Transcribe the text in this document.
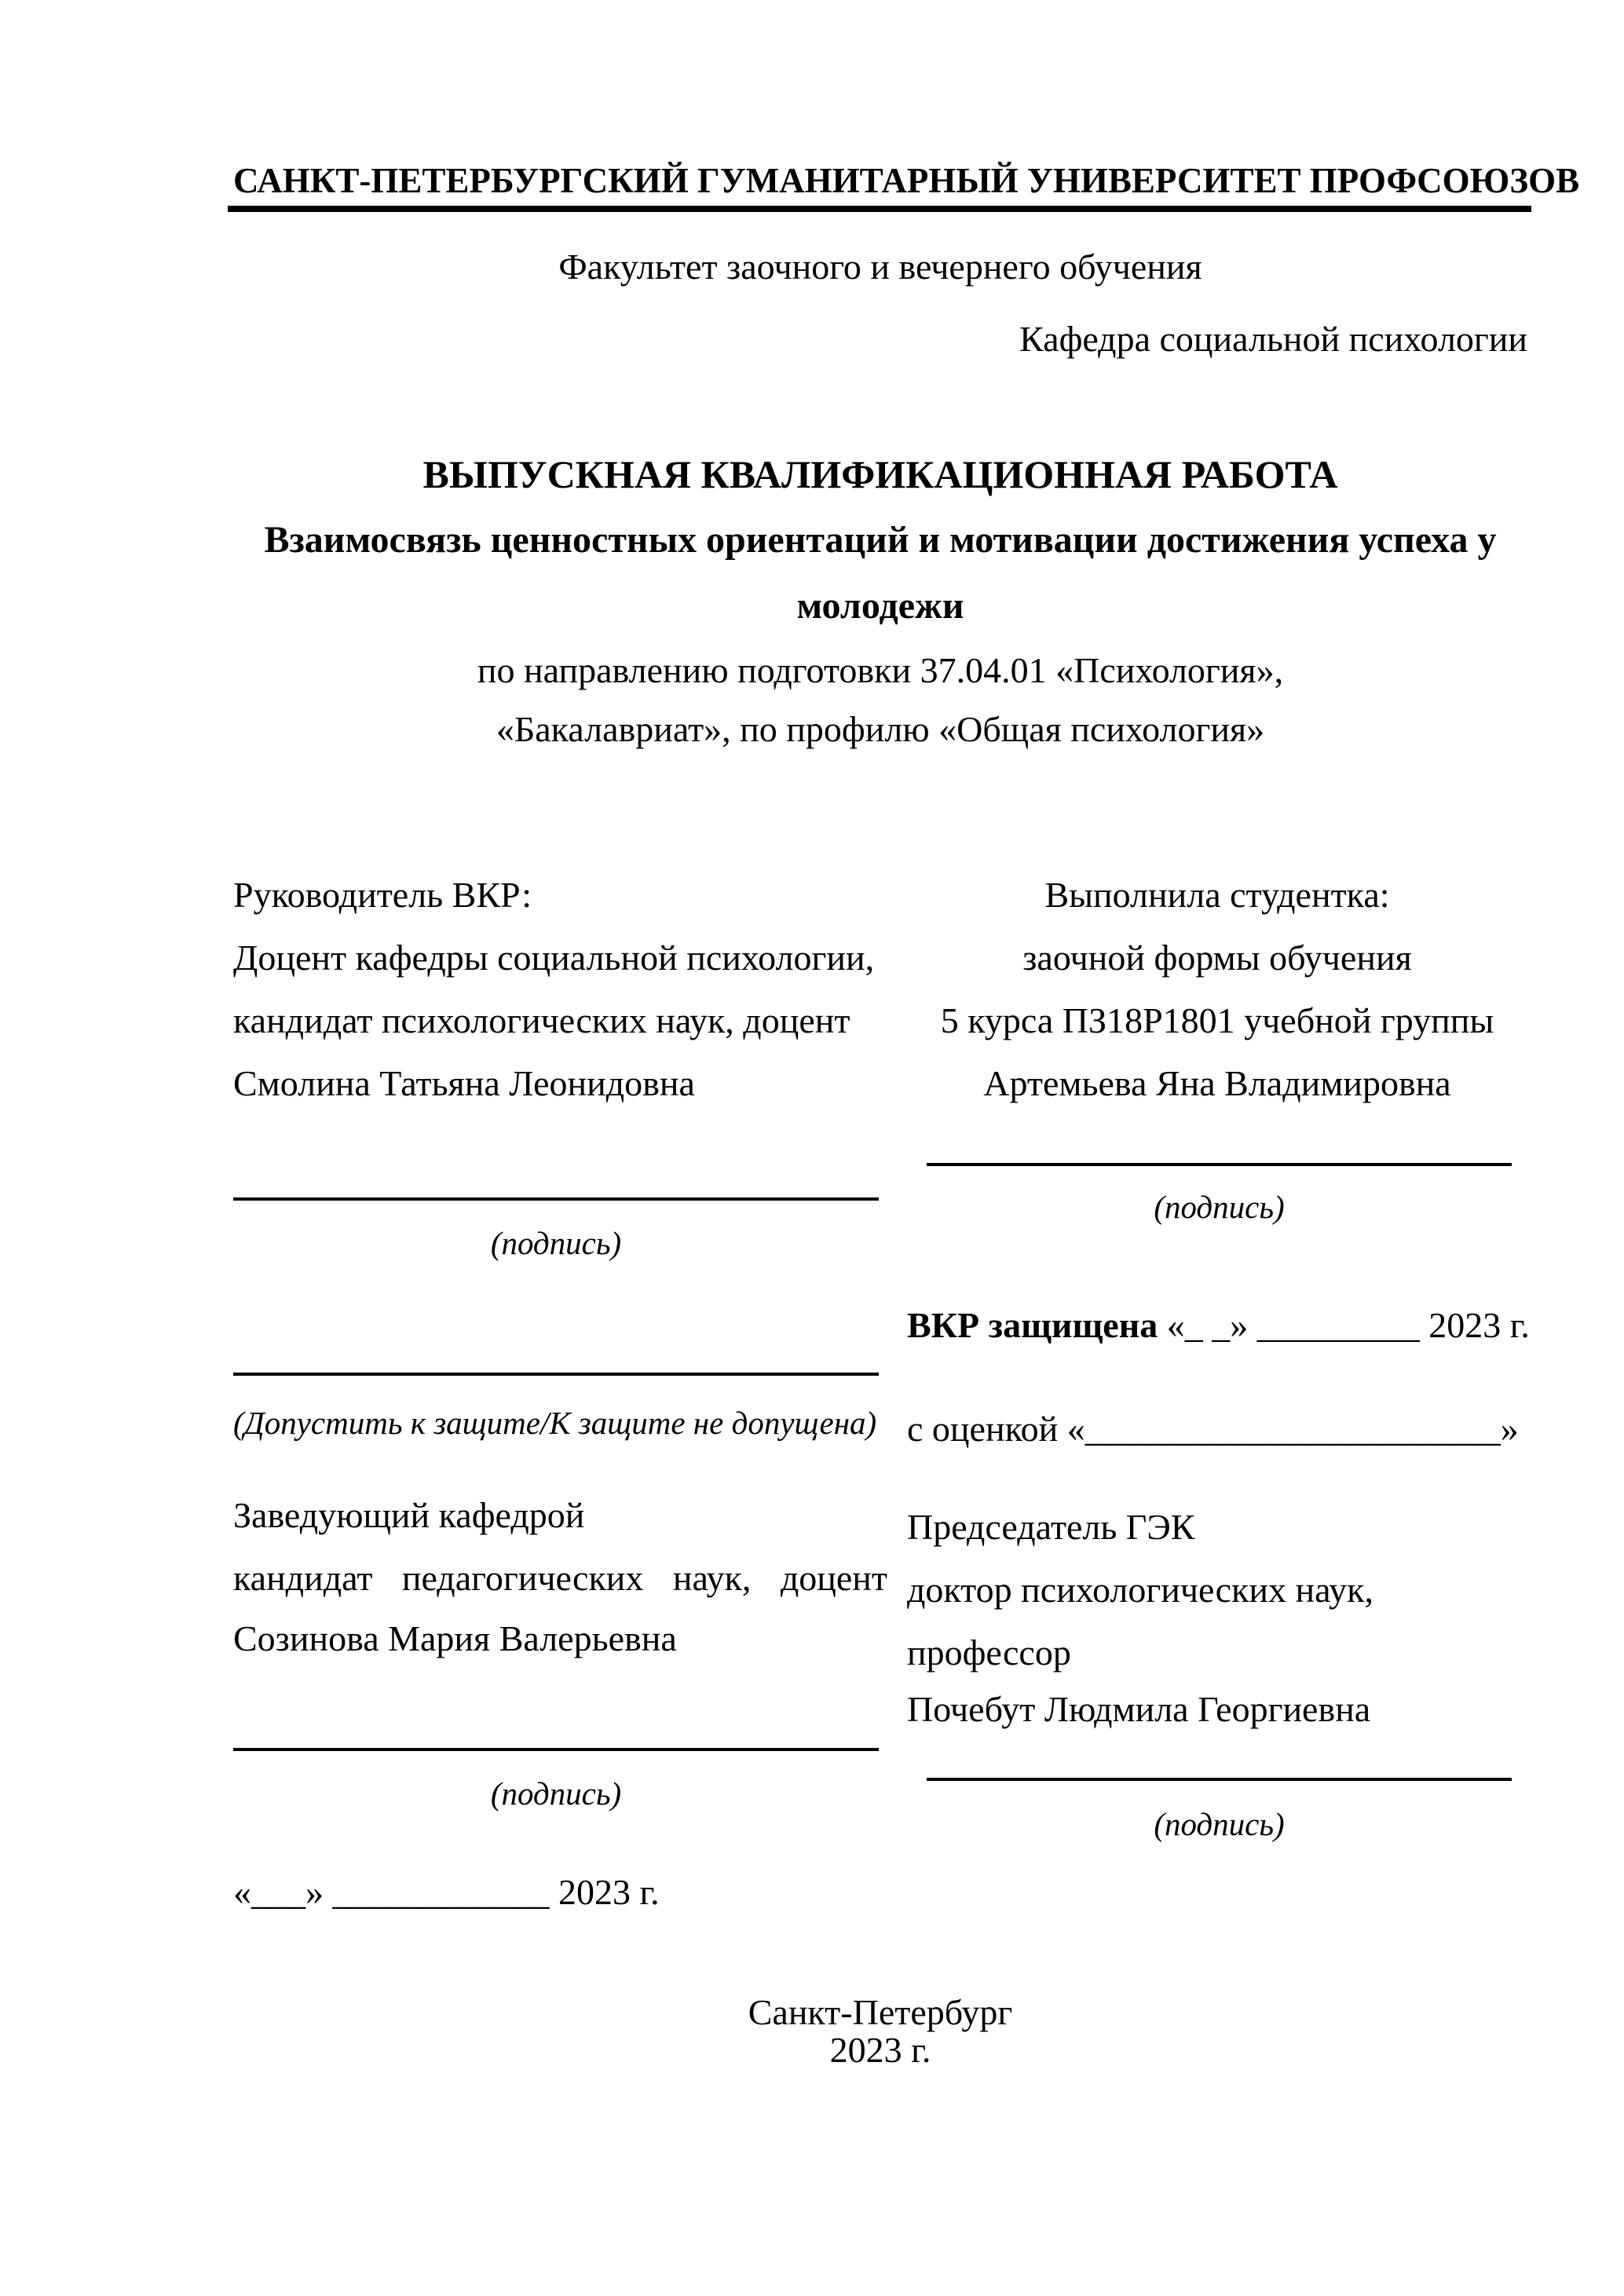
САНКТ-ПЕТЕРБУРГСКИЙ ГУМАНИТАРНЫЙ УНИВЕРСИТЕТ ПРОФСОЮЗОВ
Факультет заочного и вечернего обучения
Кафедра социальной психологии
ВЫПУСКНАЯ КВАЛИФИКАЦИОННАЯ РАБОТА
Взаимосвязь ценностных ориентаций и мотивации достижения успеха у
молодежи
по направлению подготовки 37.04.01 «Психология»,
«Бакалавриат», по профилю «Общая психология»
Руководитель ВКР:
Доцент кафедры социальной психологии,
кандидат психологических наук, доцент
Смолина Татьяна Леонидовна
(подпись)
(Допустить к защите/К защите не допущена)
Заведующий кафедрой
кандидат педагогических наук, доцент
Созинова Мария Валерьевна
(подпись)
«___» ____________ 2023 г.
Выполнила студентка:
заочной формы обучения
5 курса ПЗ18Р1801 учебной группы
Артемьева Яна Владимировна
(подпись)
ВКР защищена «_ _» _________ 2023 г.
с оценкой «_______________________»
Председатель ГЭК
доктор психологических наук,
профессор
Почебут Людмила Георгиевна
(подпись)
Санкт-Петербург
2023 г.
